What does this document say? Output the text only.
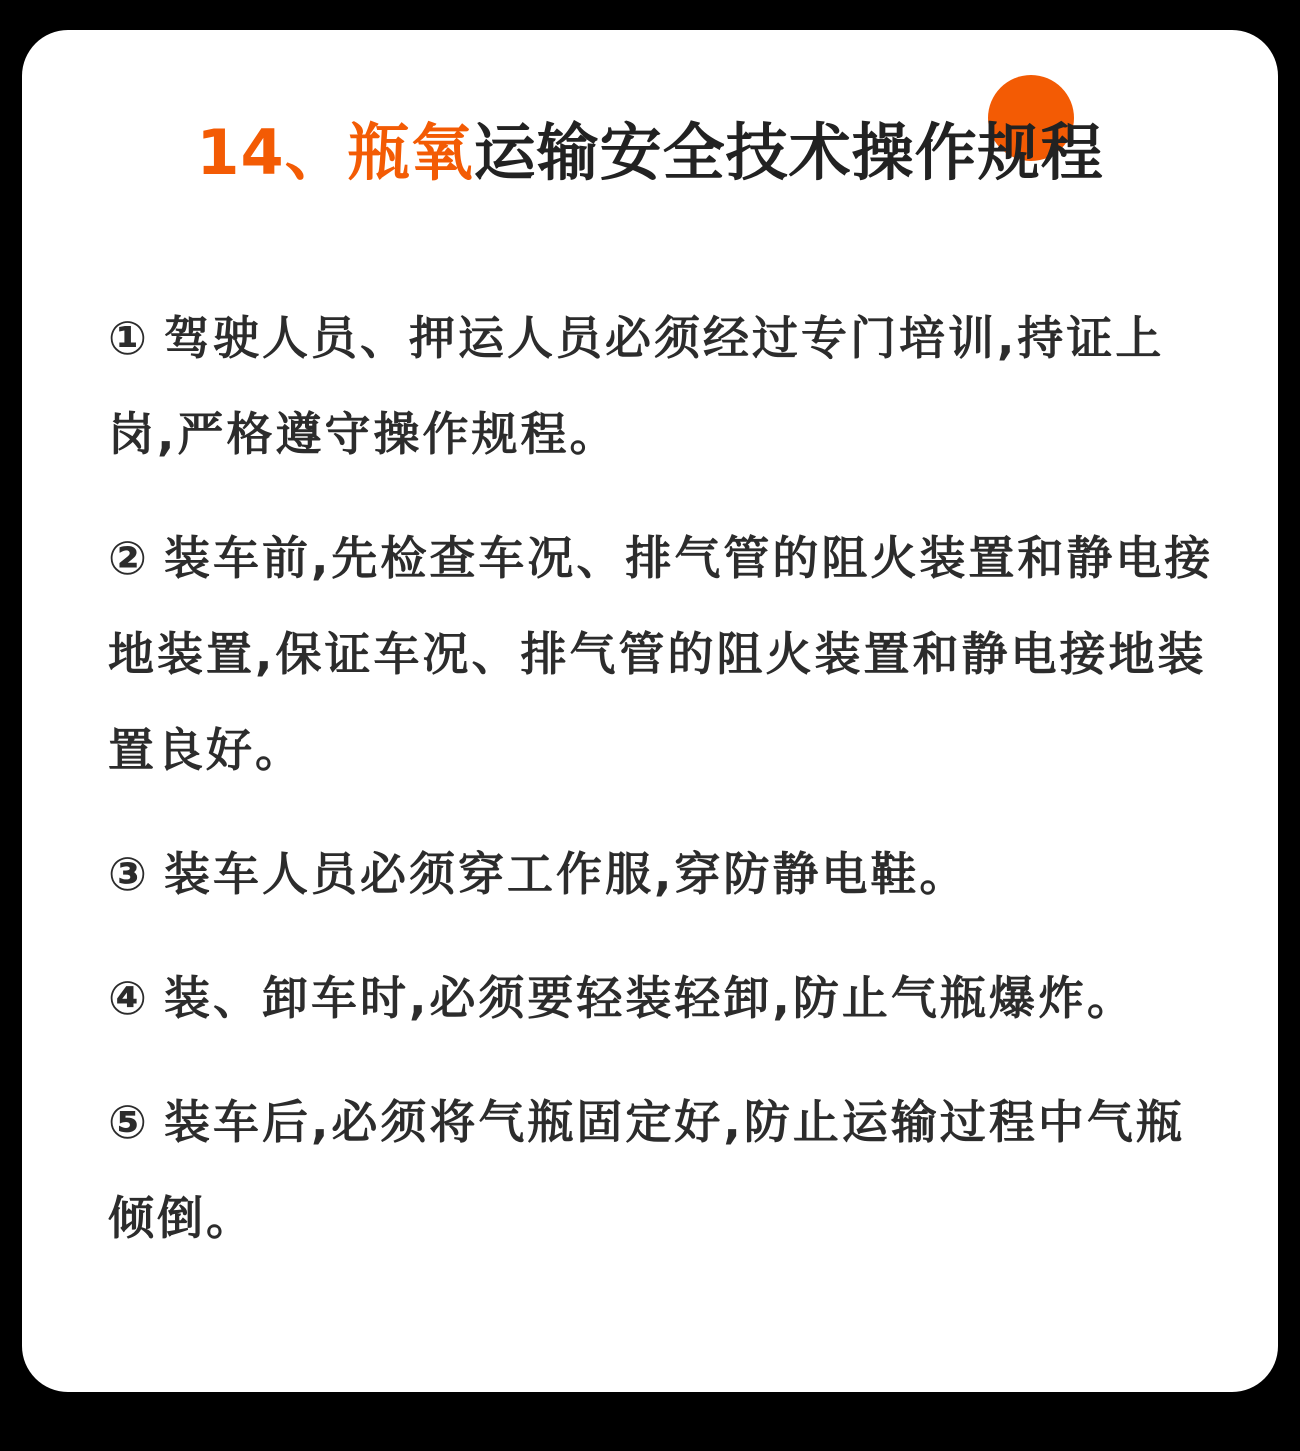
14、瓶氧运输安全技术操作规程
① 驾驶人员、押运人员必须经过专门培训,持证上岗,严格遵守操作规程。
② 装车前,先检查车况、排气管的阻火装置和静电接地装置,保证车况、排气管的阻火装置和静电接地装置良好。
③ 装车人员必须穿工作服,穿防静电鞋。
④ 装、卸车时,必须要轻装轻卸,防止气瓶爆炸。
⑤ 装车后,必须将气瓶固定好,防止运输过程中气瓶倾倒。
